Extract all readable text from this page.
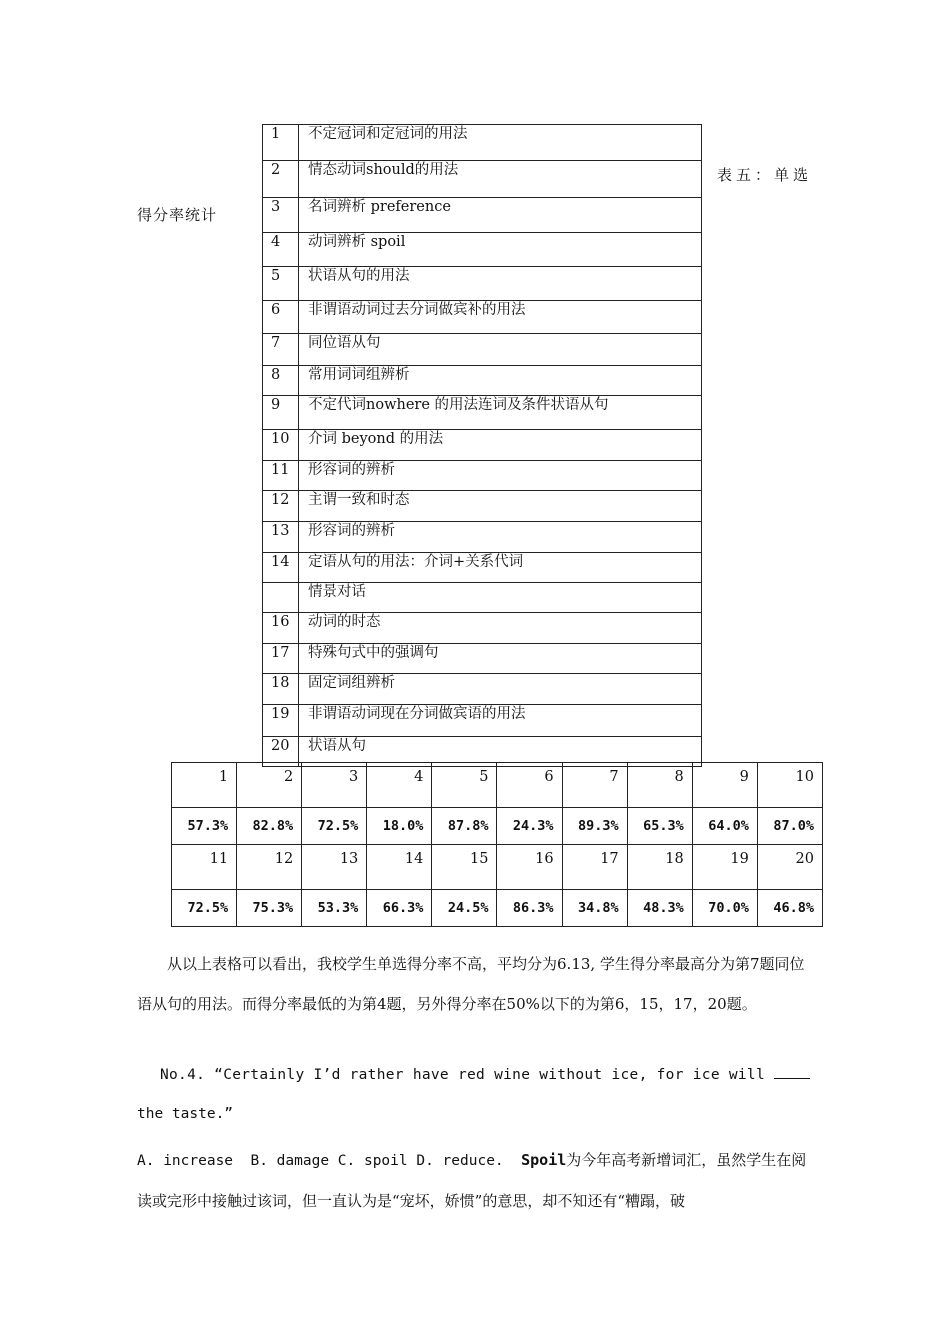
得分率统计
表五：单选
1	不定冠词和定冠词的用法
2	情态动词should的用法
3	名词辨析 preference
4	动词辨析 spoil
5	状语从句的用法
6	非谓语动词过去分词做宾补的用法
7	同位语从句
8	常用词词组辨析
9	不定代词nowhere 的用法连词及条件状语从句
10	介词 beyond 的用法
11	形容词的辨析
12	主谓一致和时态
13	形容词的辨析
14	定语从句的用法：介词+关系代词
	情景对话
16	动词的时态
17	特殊句式中的强调句
18	固定词组辨析
19	非谓语动词现在分词做宾语的用法
20	状语从句
1	2	3	4	5	6	7	8	9	10
57.3%	82.8%	72.5%	18.0%	87.8%	24.3%	89.3%	65.3%	64.0%	87.0%
11	12	13	14	15	16	17	18	19	20
72.5%	75.3%	53.3%	66.3%	24.5%	86.3%	34.8%	48.3%	70.0%	46.8%
从以上表格可以看出，我校学生单选得分率不高，平均分为6.13, 学生得分率最高分为第7题同位语从句的用法。而得分率最低的为第4题，另外得分率在50%以下的为第6，15，17，20题。
No.4. “Certainly I’d rather have red wine without ice, for ice will
the taste.”
A. increase  B. damage C. spoil D. reduce.  Spoil为今年高考新增词汇，虽然学生在阅读或完形中接触过该词，但一直认为是“宠坏，娇惯”的意思，却不知还有“糟蹋，破
